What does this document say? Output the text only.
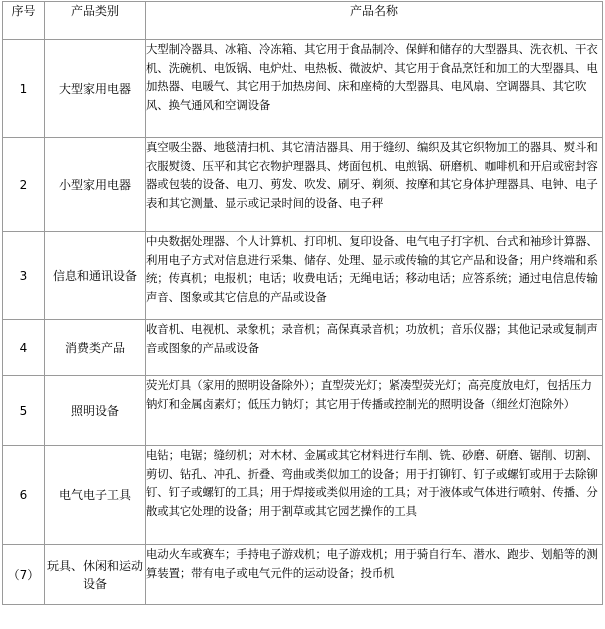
序号	产品类别	产品名称
1	大型家用电器	大型制冷器具、冰箱、冷冻箱、其它用于食品制冷、保鲜和储存的大型器具、洗衣机、干衣机、洗碗机、电饭锅、电炉灶、电热板、微波炉、其它用于食品烹饪和加工的大型器具、电加热器、电暖气、其它用于加热房间、床和座椅的大型器具、电风扇、空调器具、其它吹风、换气通风和空调设备

2	小型家用电器	真空吸尘器、地毯清扫机、其它清洁器具、用于缝纫、编织及其它织物加工的器具、熨斗和衣服熨烫、压平和其它衣物护理器具、烤面包机、电煎锅、研磨机、咖啡机和开启或密封容器或包装的设备、电刀、剪发、吹发、刷牙、剃须、按摩和其它身体护理器具、电钟、电子表和其它测量、显示或记录时间的设备、电子秤

3	信息和通讯设备	中央数据处理器、个人计算机、打印机、复印设备、电气电子打字机、台式和袖珍计算器、利用电子方式对信息进行采集、储存、处理、显示或传输的其它产品和设备；用户终端和系统；传真机；电报机；电话；收费电话；无绳电话；移动电话；应答系统；通过电信息传输声音、图象或其它信息的产品或设备

4	消费类产品	收音机、电视机、录象机；录音机；高保真录音机；功放机；音乐仪器；其他记录或复制声音或图象的产品或设备

5	照明设备	荧光灯具（家用的照明设备除外）；直型荧光灯；紧凑型荧光灯；高亮度放电灯，包括压力钠灯和金属卤素灯；低压力钠灯；其它用于传播或控制光的照明设备（细丝灯泡除外）

6	电气电子工具	电钻；电锯；缝纫机；对木材、金属或其它材料进行车削、铣、砂磨、研磨、锯削、切割、剪切、钻孔、冲孔、折叠、弯曲或类似加工的设备；用于打铆钉、钉子或螺钉或用于去除铆钉、钉子或螺钉的工具；用于焊接或类似用途的工具；对于液体或气体进行喷射、传播、分散或其它处理的设备；用于割草或其它园艺操作的工具

（7）	玩具、休闲和运动设备	电动火车或赛车；手持电子游戏机；电子游戏机；用于骑自行车、潜水、跑步、划船等的测算装置；带有电子或电气元件的运动设备；投币机
